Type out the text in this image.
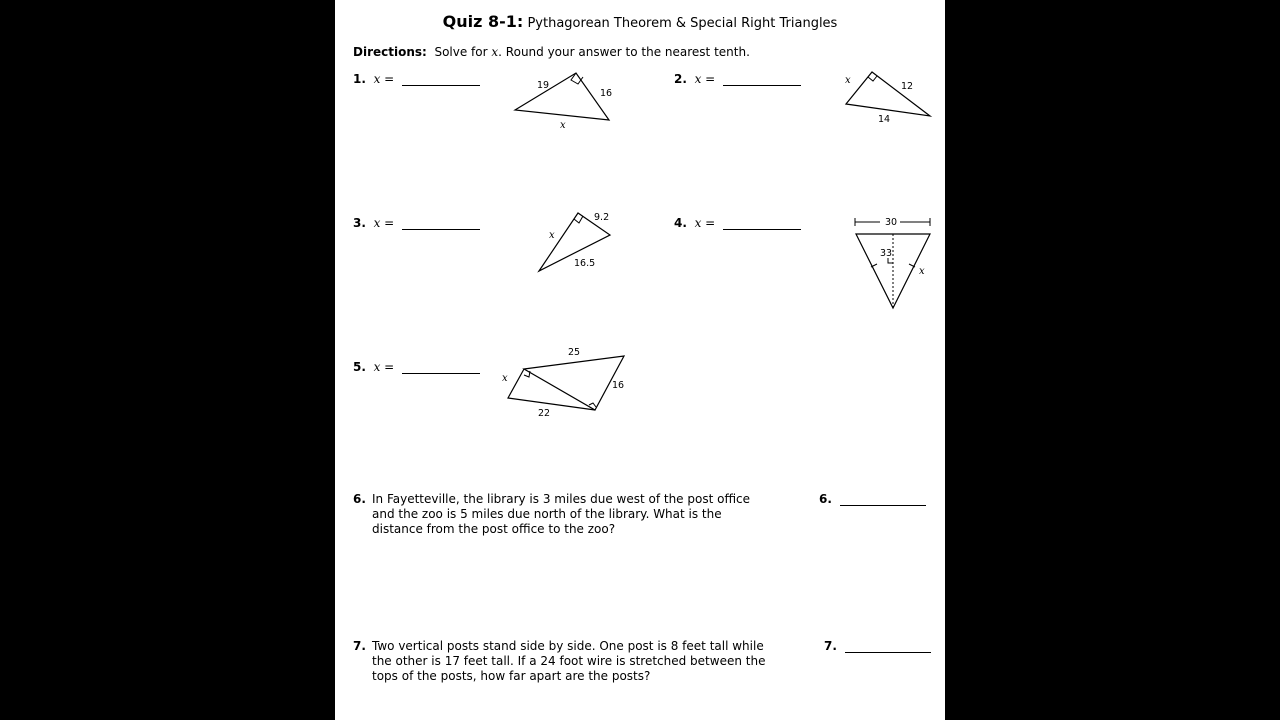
Quiz 8-1: Pythagorean Theorem & Special Right Triangles
Directions: Solve for x. Round your answer to the nearest tenth.
1. x =	19
16
x
2. x =	x
12
14
3. x =	9.2
x
16.5
4. x =	30
33
x
5. x =
25
x
16
22
6. In Fayetteville, the library is 3 miles due west of the post office and the zoo is 5 miles due north of the library. What is the distance from the post office to the zoo?
6.
7. Two vertical posts stand side by side. One post is 8 feet tall while the other is 17 feet tall. If a 24 foot wire is stretched between the tops of the posts, how far apart are the posts?
7.
